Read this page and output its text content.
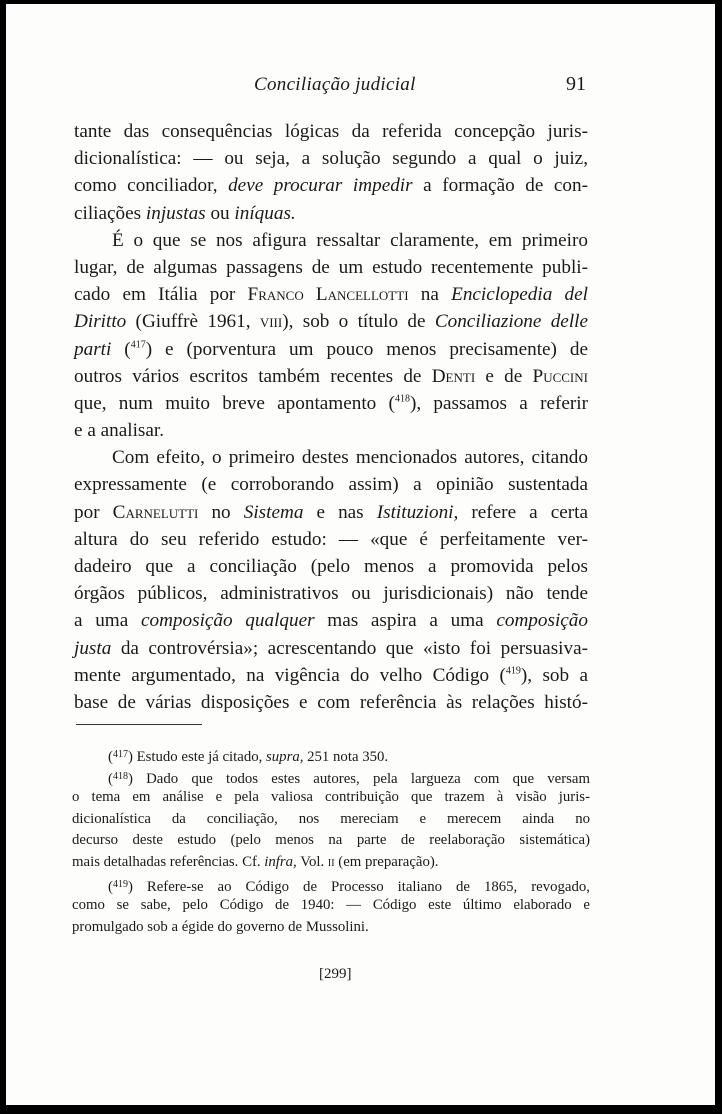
Conciliação judicial	91
tante das consequências lógicas da referida concepção juris-
dicionalística: — ou seja, a solução segundo a qual o juiz,
como conciliador, deve procurar impedir a formação de con-
ciliações injustas ou iníquas.
É o que se nos afigura ressaltar claramente, em primeiro
lugar, de algumas passagens de um estudo recentemente publi-
cado em Itália por Franco Lancellotti na Enciclopedia del
Diritto (Giuffrè 1961, viii), sob o título de Conciliazione delle
parti ($^{417}$) e (porventura um pouco menos precisamente) de
outros vários escritos também recentes de Denti e de Puccini
que, num muito breve apontamento ($^{418}$), passamos a referir
e a analisar.
Com efeito, o primeiro destes mencionados autores, citando
expressamente (e corroborando assim) a opinião sustentada
por Carnelutti no Sistema e nas Istituzioni, refere a certa
altura do seu referido estudo: — «que é perfeitamente ver-
dadeiro que a conciliação (pelo menos a promovida pelos
órgãos públicos, administrativos ou jurisdicionais) não tende
a uma composição qualquer mas aspira a uma composição
justa da controvérsia»; acrescentando que «isto foi persuasiva-
mente argumentado, na vigência do velho Código ($^{419}$), sob a
base de várias disposições e com referência às relações histó-
($^{417}$) Estudo este já citado, supra, 251 nota 350.
($^{418}$) Dado que todos estes autores, pela largueza com que versam
o tema em análise e pela valiosa contribuição que trazem à visão juris-
dicionalística da conciliação, nos mereciam e merecem ainda no
decurso deste estudo (pelo menos na parte de reelaboração sistemática)
mais detalhadas referências. Cf. infra, Vol. ii (em preparação).
($^{419}$) Refere-se ao Código de Processo italiano de 1865, revogado,
como se sabe, pelo Código de 1940: — Código este último elaborado e
promulgado sob a égide do governo de Mussolini.
[299]
